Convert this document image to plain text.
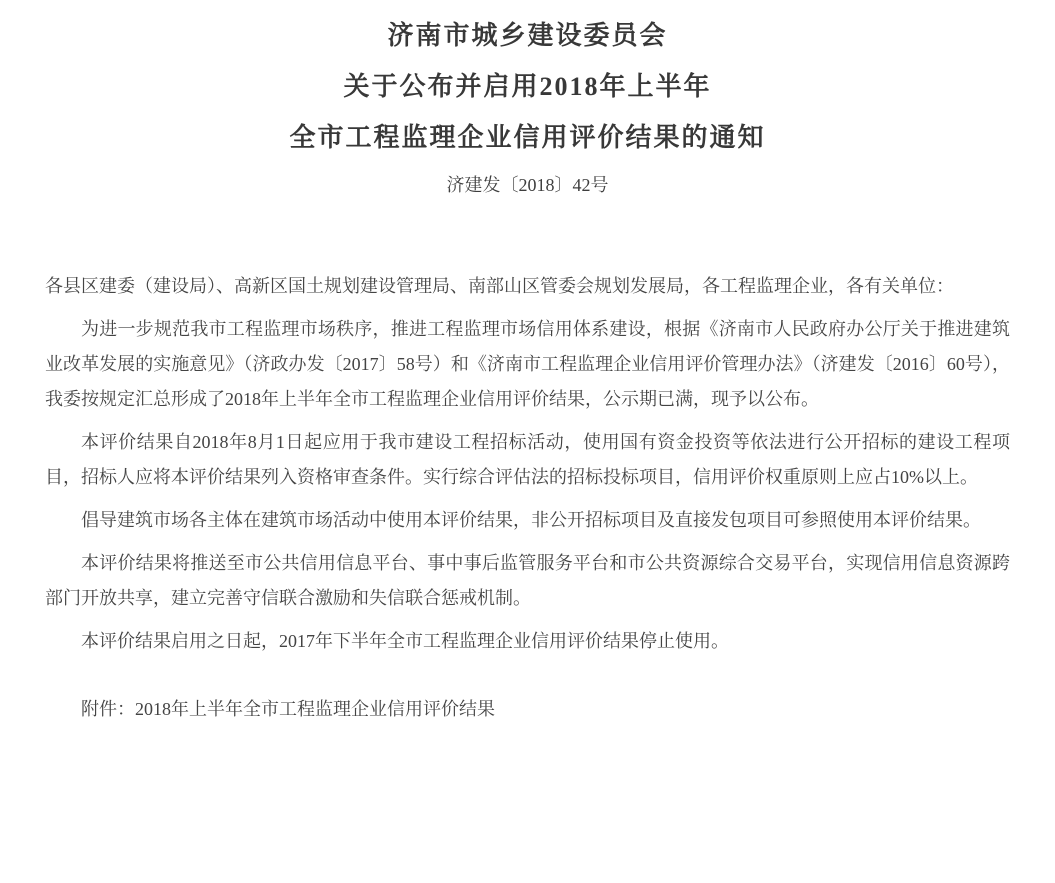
济南市城乡建设委员会
关于公布并启用2018年上半年
全市工程监理企业信用评价结果的通知
济建发〔2018〕42号

各县区建委（建设局）、高新区国土规划建设管理局、南部山区管委会规划发展局，各工程监理企业，各有关单位：

为进一步规范我市工程监理市场秩序，推进工程监理市场信用体系建设，根据《济南市人民政府办公厅关于推进建筑业改革发展的实施意见》（济政办发〔2017〕58号）和《济南市工程监理企业信用评价管理办法》（济建发〔2016〕60号），我委按规定汇总形成了2018年上半年全市工程监理企业信用评价结果，公示期已满，现予以公布。

本评价结果自2018年8月1日起应用于我市建设工程招标活动，使用国有资金投资等依法进行公开招标的建设工程项目，招标人应将本评价结果列入资格审查条件。实行综合评估法的招标投标项目，信用评价权重原则上应占10%以上。

倡导建筑市场各主体在建筑市场活动中使用本评价结果，非公开招标项目及直接发包项目可参照使用本评价结果。

本评价结果将推送至市公共信用信息平台、事中事后监管服务平台和市公共资源综合交易平台，实现信用信息资源跨部门开放共享，建立完善守信联合激励和失信联合惩戒机制。

本评价结果启用之日起，2017年下半年全市工程监理企业信用评价结果停止使用。

附件：2018年上半年全市工程监理企业信用评价结果
